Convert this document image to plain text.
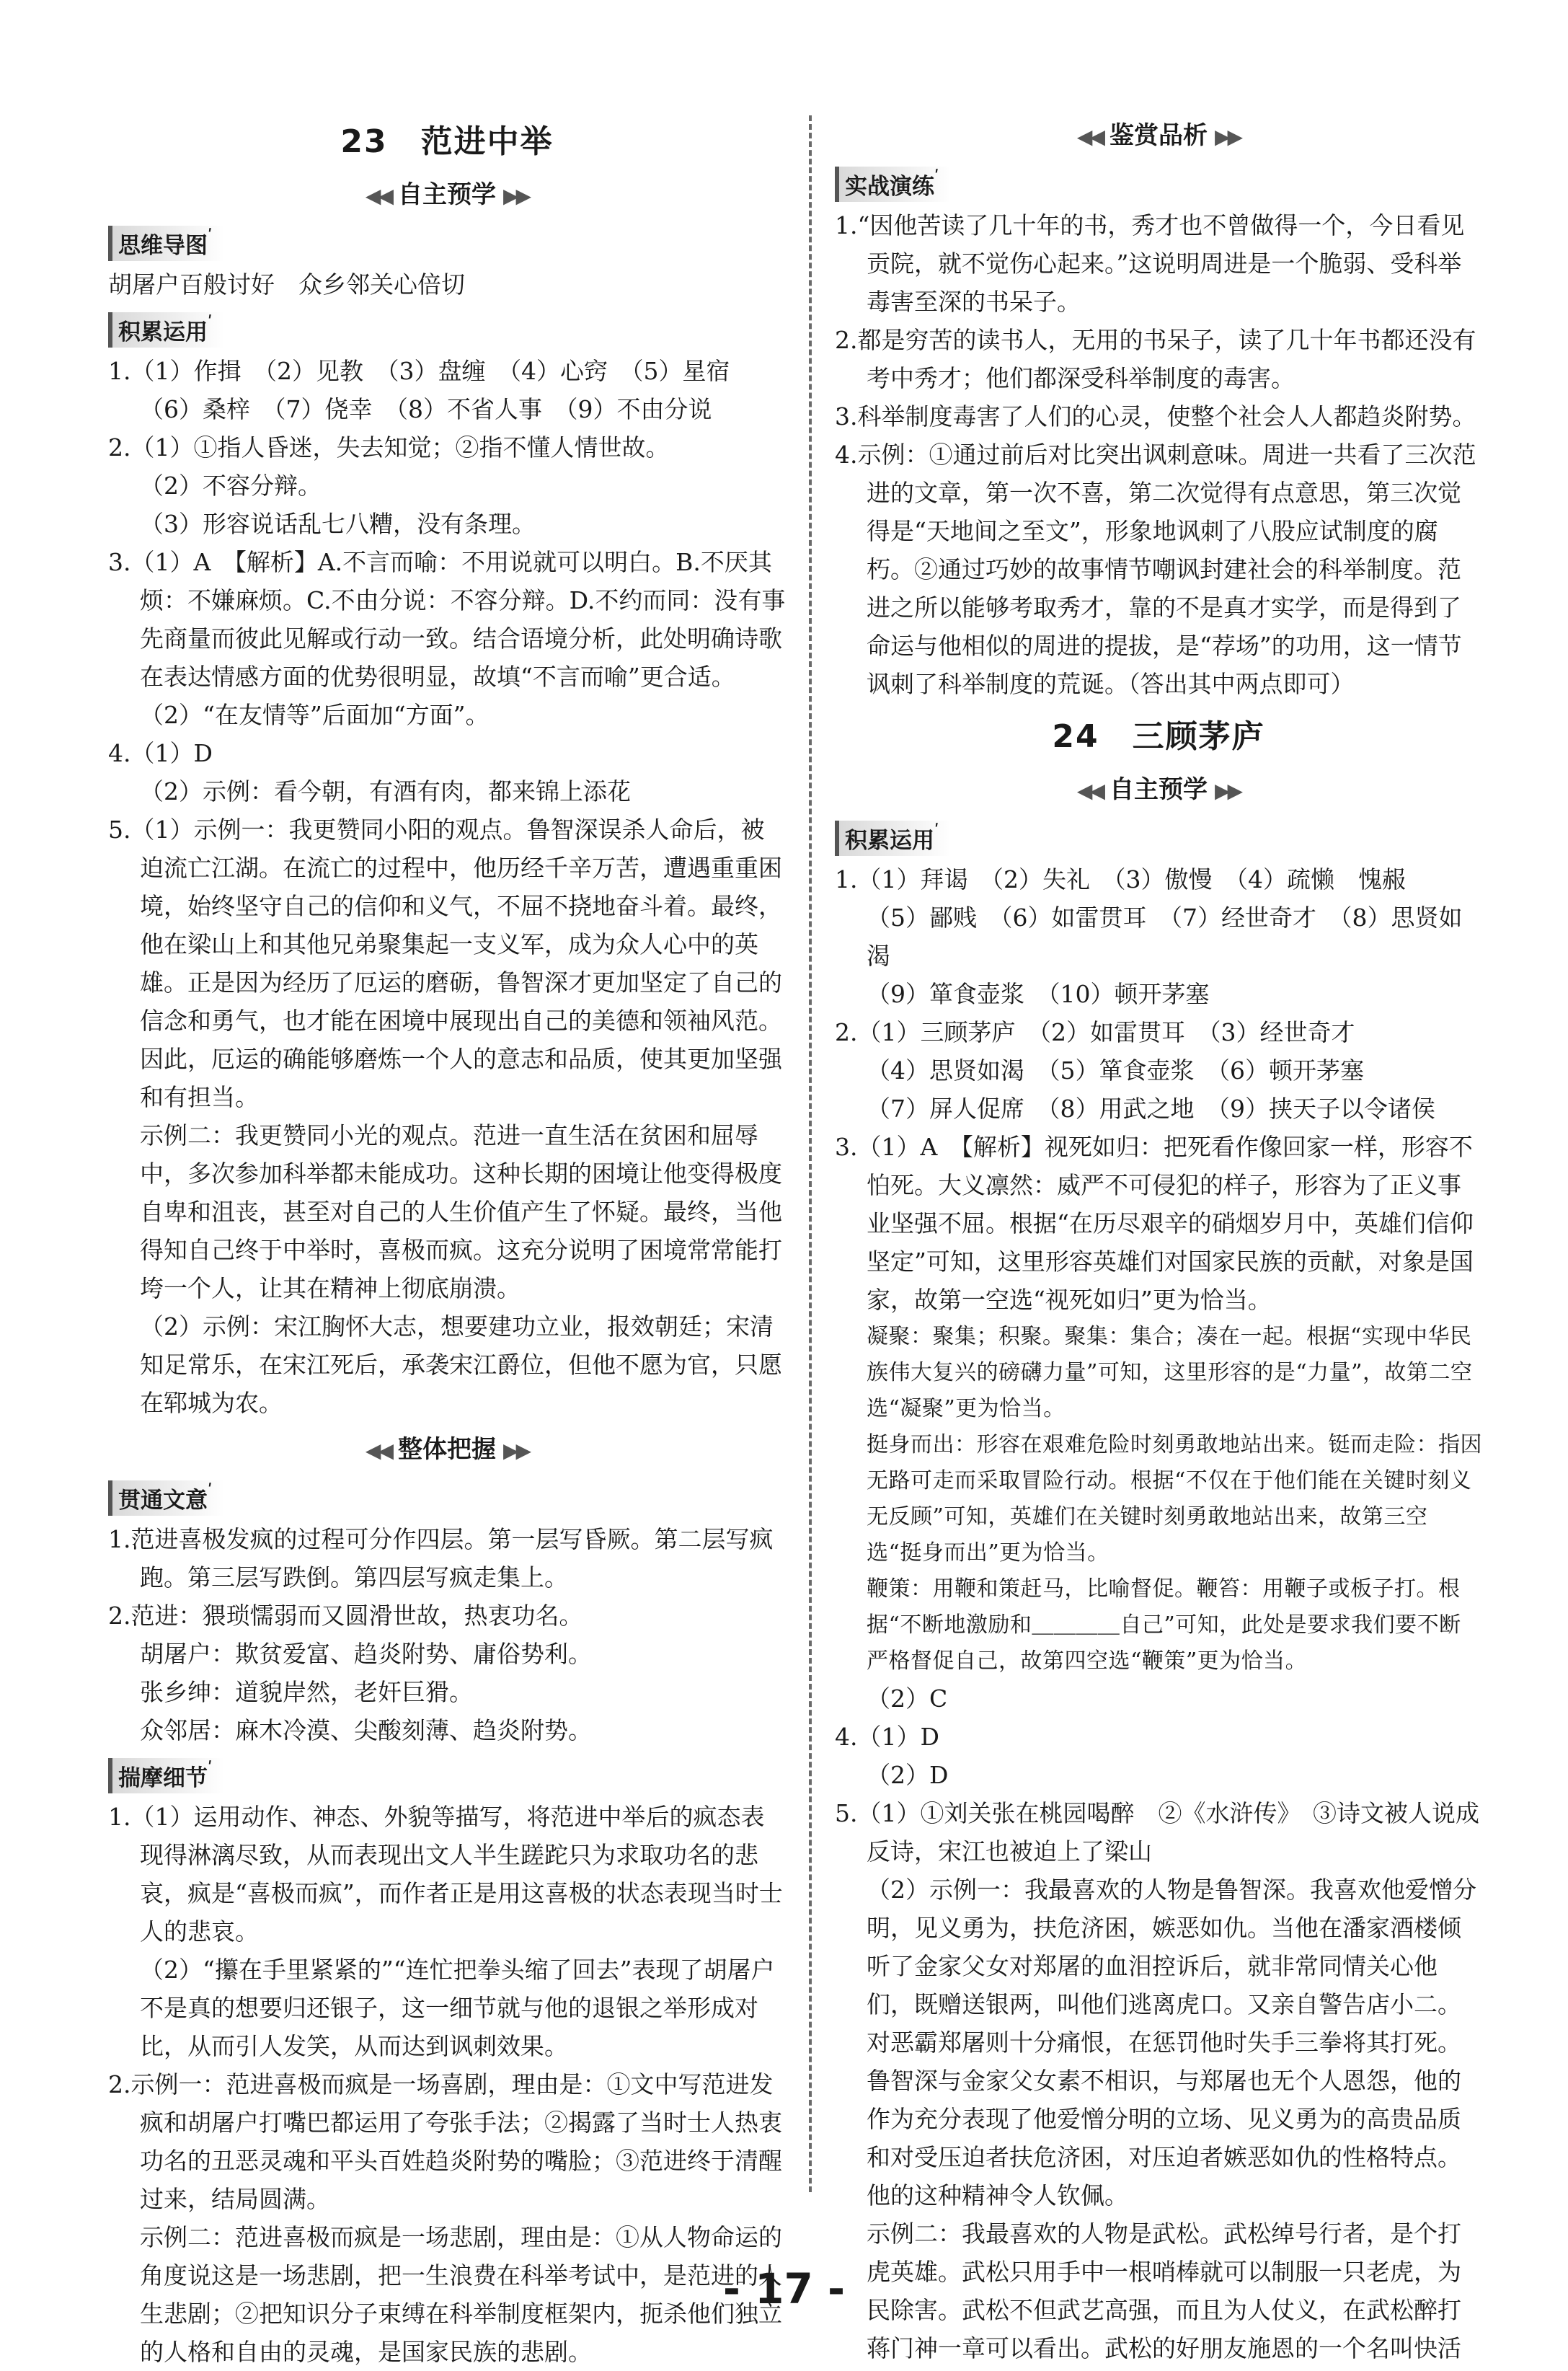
23　范进中举
◀◀ 自主预学 ▶▶
思维导图$^ʹ$

胡屠户百般讨好　众乡邻关心倍切

积累运用$^ʹ$

1.（1）作揖　（2）见教　（3）盘缠　（4）心窍　（5）星宿

（6）桑梓　（7）侥幸　（8）不省人事　（9）不由分说

2.（1）①指人昏迷，失去知觉；②指不懂人情世故。

（2）不容分辩。

（3）形容说话乱七八糟，没有条理。

3.（1）A　【解析】A.不言而喻：不用说就可以明白。B.不厌其烦：不嫌麻烦。C.不由分说：不容分辩。D.不约而同：没有事先商量而彼此见解或行动一致。结合语境分析，此处明确诗歌在表达情感方面的优势很明显，故填“不言而喻”更合适。

（2）“在友情等”后面加“方面”。

4.（1）D

（2）示例：看今朝，有酒有肉，都来锦上添花

5.（1）示例一：我更赞同小阳的观点。鲁智深误杀人命后，被迫流亡江湖。在流亡的过程中，他历经千辛万苦，遭遇重重困境，始终坚守自己的信仰和义气，不屈不挠地奋斗着。最终，他在梁山上和其他兄弟聚集起一支义军，成为众人心中的英雄。正是因为经历了厄运的磨砺，鲁智深才更加坚定了自己的信念和勇气，也才能在困境中展现出自己的美德和领袖风范。因此，厄运的确能够磨炼一个人的意志和品质，使其更加坚强和有担当。

示例二：我更赞同小光的观点。范进一直生活在贫困和屈辱中，多次参加科举都未能成功。这种长期的困境让他变得极度自卑和沮丧，甚至对自己的人生价值产生了怀疑。最终，当他得知自己终于中举时，喜极而疯。这充分说明了困境常常能打垮一个人，让其在精神上彻底崩溃。

（2）示例：宋江胸怀大志，想要建功立业，报效朝廷；宋清知足常乐，在宋江死后，承袭宋江爵位，但他不愿为官，只愿在郓城为农。

◀◀ 整体把握 ▶▶
贯通文意$^ʹ$

1.范进喜极发疯的过程可分作四层。第一层写昏厥。第二层写疯跑。第三层写跌倒。第四层写疯走集上。

2.范进：猥琐懦弱而又圆滑世故，热衷功名。

胡屠户：欺贫爱富、趋炎附势、庸俗势利。

张乡绅：道貌岸然，老奸巨猾。

众邻居：麻木冷漠、尖酸刻薄、趋炎附势。

揣摩细节$^ʹ$

1.（1）运用动作、神态、外貌等描写，将范进中举后的疯态表现得淋漓尽致，从而表现出文人半生蹉跎只为求取功名的悲哀，疯是“喜极而疯”，而作者正是用这喜极的状态表现当时士人的悲哀。

（2）“攥在手里紧紧的”“连忙把拳头缩了回去”表现了胡屠户不是真的想要归还银子，这一细节就与他的退银之举形成对比，从而引人发笑，从而达到讽刺效果。

2.示例一：范进喜极而疯是一场喜剧，理由是：①文中写范进发疯和胡屠户打嘴巴都运用了夸张手法；②揭露了当时士人热衷功名的丑恶灵魂和平头百姓趋炎附势的嘴脸；③范进终于清醒过来，结局圆满。

示例二：范进喜极而疯是一场悲剧，理由是：①从人物命运的角度说这是一场悲剧，把一生浪费在科举考试中，是范进的人生悲剧；②把知识分子束缚在科举制度框架内，扼杀他们独立的人格和自由的灵魂，是国家民族的悲剧。

◀◀ 鉴赏品析 ▶▶
实战演练$^ʹ$

1.“因他苦读了几十年的书，秀才也不曾做得一个，今日看见贡院，就不觉伤心起来。”这说明周进是一个脆弱、受科举毒害至深的书呆子。

2.都是穷苦的读书人，无用的书呆子，读了几十年书都还没有考中秀才；他们都深受科举制度的毒害。

3.科举制度毒害了人们的心灵，使整个社会人人都趋炎附势。

4.示例：①通过前后对比突出讽刺意味。周进一共看了三次范进的文章，第一次不喜，第二次觉得有点意思，第三次觉得是“天地间之至文”，形象地讽刺了八股应试制度的腐朽。②通过巧妙的故事情节嘲讽封建社会的科举制度。范进之所以能够考取秀才，靠的不是真才实学，而是得到了命运与他相似的周进的提拔，是“荐场”的功用，这一情节讽刺了科举制度的荒诞。（答出其中两点即可）

24　三顾茅庐
◀◀ 自主预学 ▶▶
积累运用$^ʹ$

1.（1）拜谒　（2）失礼　（3）傲慢　（4）疏懒　愧赧

（5）鄙贱　（6）如雷贯耳　（7）经世奇才　（8）思贤如渴

（9）箪食壶浆　（10）顿开茅塞

2.（1）三顾茅庐　（2）如雷贯耳　（3）经世奇才

（4）思贤如渴　（5）箪食壶浆　（6）顿开茅塞

（7）屏人促席　（8）用武之地　（9）挟天子以令诸侯

3.（1）A　【解析】视死如归：把死看作像回家一样，形容不怕死。大义凛然：威严不可侵犯的样子，形容为了正义事业坚强不屈。根据“在历尽艰辛的硝烟岁月中，英雄们信仰坚定”可知，这里形容英雄们对国家民族的贡献，对象是国家，故第一空选“视死如归”更为恰当。

凝聚：聚集；积聚。聚集：集合；凑在一起。根据“实现中华民族伟大复兴的磅礴力量”可知，这里形容的是“力量”，故第二空选“凝聚”更为恰当。

挺身而出：形容在艰难危险时刻勇敢地站出来。铤而走险：指因无路可走而采取冒险行动。根据“不仅在于他们能在关键时刻义无反顾”可知，英雄们在关键时刻勇敢地站出来，故第三空选“挺身而出”更为恰当。

鞭策：用鞭和策赶马，比喻督促。鞭笞：用鞭子或板子打。根据“不断地激励和＿＿＿＿自己”可知，此处是要求我们要不断严格督促自己，故第四空选“鞭策”更为恰当。

（2）C

4.（1）D

（2）D

5.（1）①刘关张在桃园喝醉　②《水浒传》　③诗文被人说成反诗，宋江也被迫上了梁山

（2）示例一：我最喜欢的人物是鲁智深。我喜欢他爱憎分明，见义勇为，扶危济困，嫉恶如仇。当他在潘家酒楼倾听了金家父女对郑屠的血泪控诉后，就非常同情关心他们，既赠送银两，叫他们逃离虎口。又亲自警告店小二。对恶霸郑屠则十分痛恨，在惩罚他时失手三拳将其打死。鲁智深与金家父女素不相识，与郑屠也无个人恩怨，他的作为充分表现了他爱憎分明的立场、见义勇为的高贵品质和对受压迫者扶危济困，对压迫者嫉恶如仇的性格特点。他的这种精神令人钦佩。

示例二：我最喜欢的人物是武松。武松绰号行者，是个打虎英雄。武松只用手中一根哨棒就可以制服一只老虎，为民除害。武松不但武艺高强，而且为人仗义，在武松醉打蒋门神一章可以看出。武松的好朋友施恩的一个名叫快活

- 17 -
